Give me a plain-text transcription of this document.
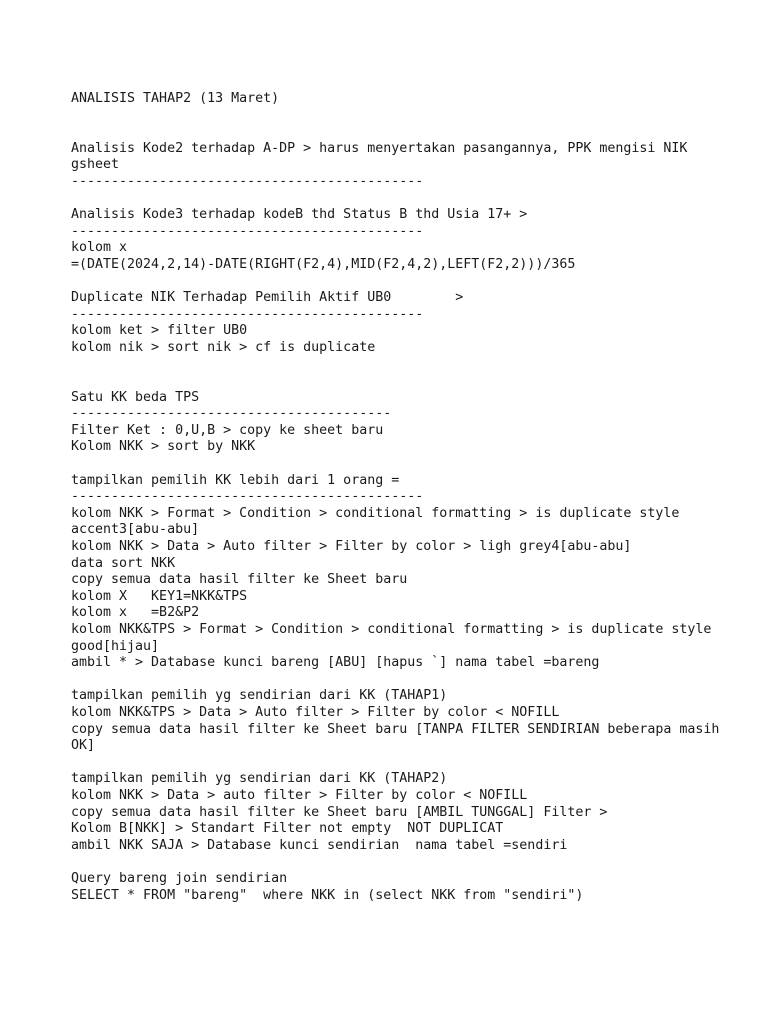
ANALISIS TAHAP2 (13 Maret)
Analisis Kode2 terhadap A-DP > harus menyertakan pasangannya, PPK mengisi NIK
gsheet
--------------------------------------------
Analisis Kode3 terhadap kodeB thd Status B thd Usia 17+ >
--------------------------------------------
kolom x
=(DATE(2024,2,14)-DATE(RIGHT(F2,4),MID(F2,4,2),LEFT(F2,2)))/365
Duplicate NIK Terhadap Pemilih Aktif UB0        >
--------------------------------------------
kolom ket > filter UB0
kolom nik > sort nik > cf is duplicate
Satu KK beda TPS
----------------------------------------
Filter Ket : 0,U,B > copy ke sheet baru
Kolom NKK > sort by NKK
tampilkan pemilih KK lebih dari 1 orang =
--------------------------------------------
kolom NKK > Format > Condition > conditional formatting > is duplicate style
accent3[abu-abu]
kolom NKK > Data > Auto filter > Filter by color > ligh grey4[abu-abu]
data sort NKK
copy semua data hasil filter ke Sheet baru
kolom X   KEY1=NKK&TPS
kolom x   =B2&P2
kolom NKK&TPS > Format > Condition > conditional formatting > is duplicate style
good[hijau]
ambil * > Database kunci bareng [ABU] [hapus `] nama tabel =bareng
tampilkan pemilih yg sendirian dari KK (TAHAP1)
kolom NKK&TPS > Data > Auto filter > Filter by color < NOFILL
copy semua data hasil filter ke Sheet baru [TANPA FILTER SENDIRIAN beberapa masih
OK]
tampilkan pemilih yg sendirian dari KK (TAHAP2)
kolom NKK > Data > auto filter > Filter by color < NOFILL
copy semua data hasil filter ke Sheet baru [AMBIL TUNGGAL] Filter >
Kolom B[NKK] > Standart Filter not empty  NOT DUPLICAT
ambil NKK SAJA > Database kunci sendirian  nama tabel =sendiri
Query bareng join sendirian
SELECT * FROM "bareng"  where NKK in (select NKK from "sendiri")
